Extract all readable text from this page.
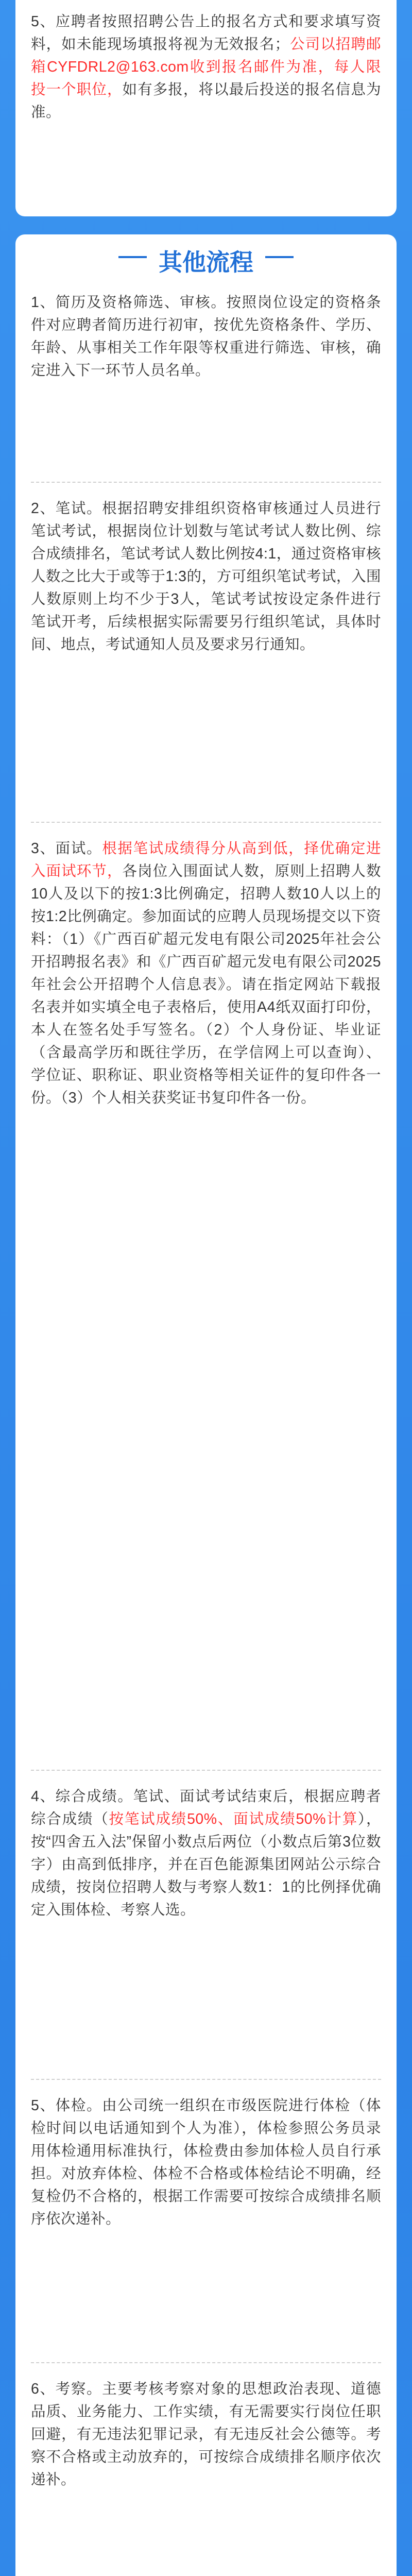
5、应聘者按照招聘公告上的报名方式和要求填写资料，如未能现场填报将视为无效报名；公司以招聘邮箱CYFDRL2@163.com收到报名邮件为准，每人限投一个职位，如有多报，将以最后投送的报名信息为准。

其他流程

1、简历及资格筛选、审核。按照岗位设定的资格条件对应聘者简历进行初审，按优先资格条件、学历、年龄、从事相关工作年限等权重进行筛选、审核，确定进入下一环节人员名单。

2、笔试。根据招聘安排组织资格审核通过人员进行笔试考试，根据岗位计划数与笔试考试人数比例、综合成绩排名，笔试考试人数比例按4:1，通过资格审核人数之比大于或等于1:3的，方可组织笔试考试，入围人数原则上均不少于3人，笔试考试按设定条件进行笔试开考，后续根据实际需要另行组织笔试，具体时间、地点，考试通知人员及要求另行通知。

3、面试。根据笔试成绩得分从高到低，择优确定进入面试环节，各岗位入围面试人数，原则上招聘人数10人及以下的按1:3比例确定，招聘人数10人以上的按1:2比例确定。参加面试的应聘人员现场提交以下资料：（1）《广西百矿超元发电有限公司2025年社会公开招聘报名表》和《广西百矿超元发电有限公司2025年社会公开招聘个人信息表》。请在指定网站下载报名表并如实填全电子表格后，使用A4纸双面打印份，本人在签名处手写签名。（2）个人身份证、毕业证（含最高学历和既往学历，在学信网上可以查询）、学位证、职称证、职业资格等相关证件的复印件各一份。（3）个人相关获奖证书复印件各一份。

4、综合成绩。笔试、面试考试结束后，根据应聘者综合成绩（按笔试成绩50%、面试成绩50%计算），按“四舍五入法”保留小数点后两位（小数点后第3位数字）由高到低排序，并在百色能源集团网站公示综合成绩，按岗位招聘人数与考察人数1：1的比例择优确定入围体检、考察人选。

5、体检。由公司统一组织在市级医院进行体检（体检时间以电话通知到个人为准），体检参照公务员录用体检通用标准执行，体检费由参加体检人员自行承担。对放弃体检、体检不合格或体检结论不明确，经复检仍不合格的，根据工作需要可按综合成绩排名顺序依次递补。

6、考察。主要考核考察对象的思想政治表现、道德品质、业务能力、工作实绩，有无需要实行岗位任职回避，有无违法犯罪记录，有无违反社会公德等。考察不合格或主动放弃的，可按综合成绩排名顺序依次递补。
